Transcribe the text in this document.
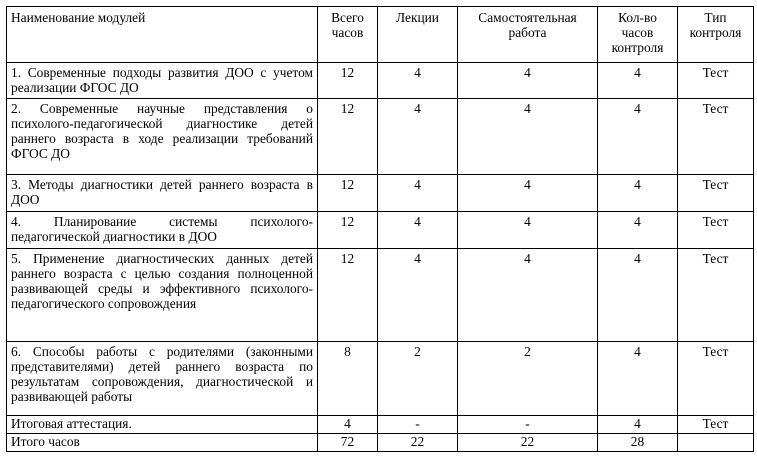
Наименование модулей	Всего часов	Лекции	Самостоятельная работа	Кол-во часов контроля	Тип контроля
1. Современные подходы развития ДОО с учетом реализации ФГОС ДО	12	4	4	4	Тест
2. Современные научные представления о психолого-педагогической диагностике детей раннего возраста в ходе реализации требований ФГОС ДО	12	4	4	4	Тест
3. Методы диагностики детей раннего возраста в ДОО	12	4	4	4	Тест
4. Планирование системы психолого-педагогической диагностики в ДОО	12	4	4	4	Тест
5. Применение диагностических данных детей раннего возраста с целью создания полноценной развивающей среды и эффективного психолого-педагогического сопровождения	12	4	4	4	Тест
6. Способы работы с родителями (законными представителями) детей раннего возраста по результатам сопровождения, диагностической и развивающей работы	8	2	2	4	Тест
Итоговая аттестация.	4	-	-	4	Тест
Итого часов	72	22	22	28	
